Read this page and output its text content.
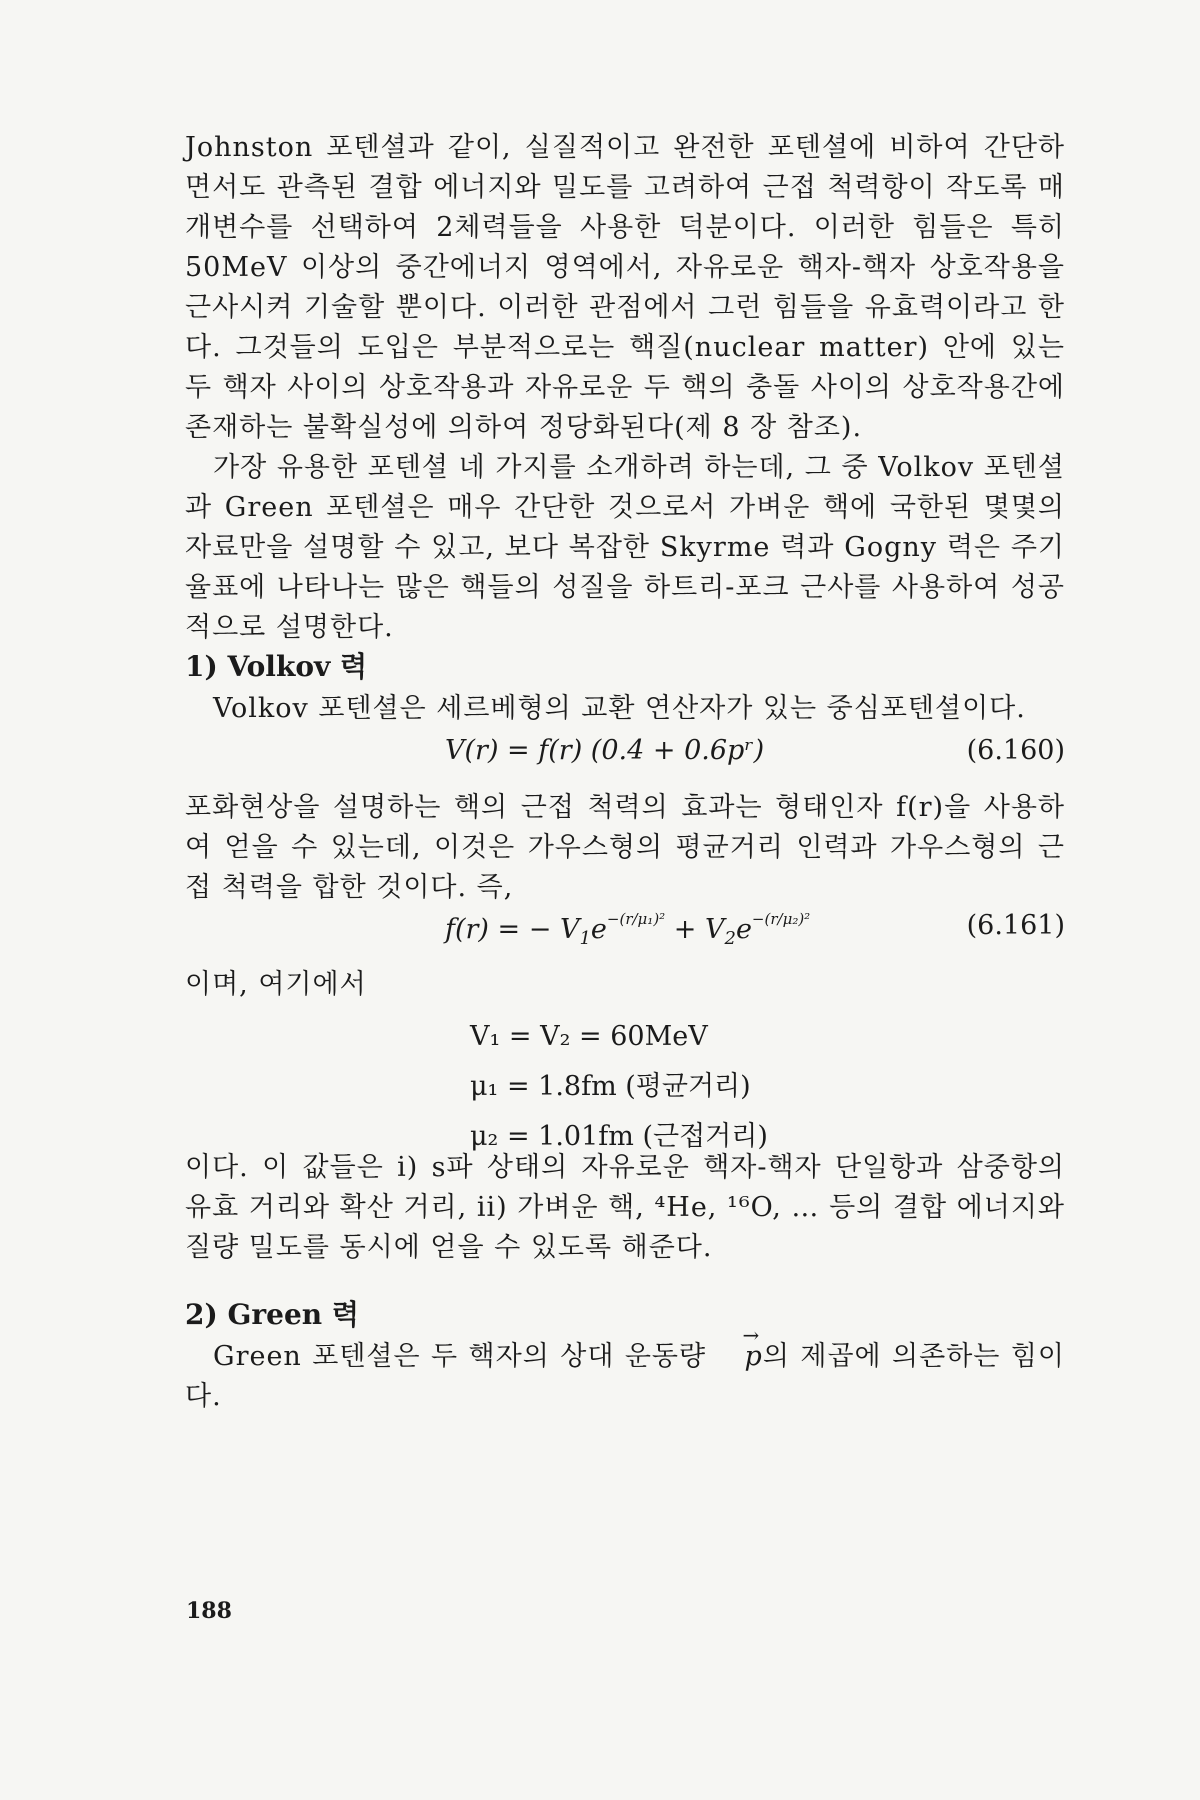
Johnston 포텐셜과 같이, 실질적이고 완전한 포텐셜에 비하여 간단하면서도 관측된 결합 에너지와 밀도를 고려하여 근접 척력항이 작도록 매개변수를 선택하여 2체력들을 사용한 덕분이다. 이러한 힘들은 특히 50MeV 이상의 중간에너지 영역에서, 자유로운 핵자-핵자 상호작용을 근사시켜 기술할 뿐이다. 이러한 관점에서 그런 힘들을 유효력이라고 한다. 그것들의 도입은 부분적으로는 핵질(nuclear matter) 안에 있는 두 핵자 사이의 상호작용과 자유로운 두 핵의 충돌 사이의 상호작용간에 존재하는 불확실성에 의하여 정당화된다(제 8 장 참조).

가장 유용한 포텐셜 네 가지를 소개하려 하는데, 그 중 Volkov 포텐셜과 Green 포텐셜은 매우 간단한 것으로서 가벼운 핵에 국한된 몇몇의 자료만을 설명할 수 있고, 보다 복잡한 Skyrme 력과 Gogny 력은 주기율표에 나타나는 많은 핵들의 성질을 하트리-포크 근사를 사용하여 성공적으로 설명한다.

1) Volkov 력

Volkov 포텐셜은 세르베형의 교환 연산자가 있는 중심포텐셜이다.

V(r) = f(r) (0.4 + 0.6pʳ)	(6.160)

포화현상을 설명하는 핵의 근접 척력의 효과는 형태인자 f(r)을 사용하여 얻을 수 있는데, 이것은 가우스형의 평균거리 인력과 가우스형의 근접 척력을 합한 것이다. 즉,

f(r) = − $V_1e^{-(r/\mu_1)^2} + V_2e^{-(r/\mu_2)^2}$	(6.161)

이며, 여기에서

V₁ = V₂ = 60MeV
μ₁ = 1.8fm (평균거리)
μ₂ = 1.01fm (근접거리)

이다. 이 값들은 i) s파 상태의 자유로운 핵자-핵자 단일항과 삼중항의 유효 거리와 확산 거리, ii) 가벼운 핵, ⁴He, ¹⁶O, … 등의 결합 에너지와 질량 밀도를 동시에 얻을 수 있도록 해준다.

2) Green 력

Green 포텐셜은 두 핵자의 상대 운동량 → p의 제곱에 의존하는 힘이다.

188
